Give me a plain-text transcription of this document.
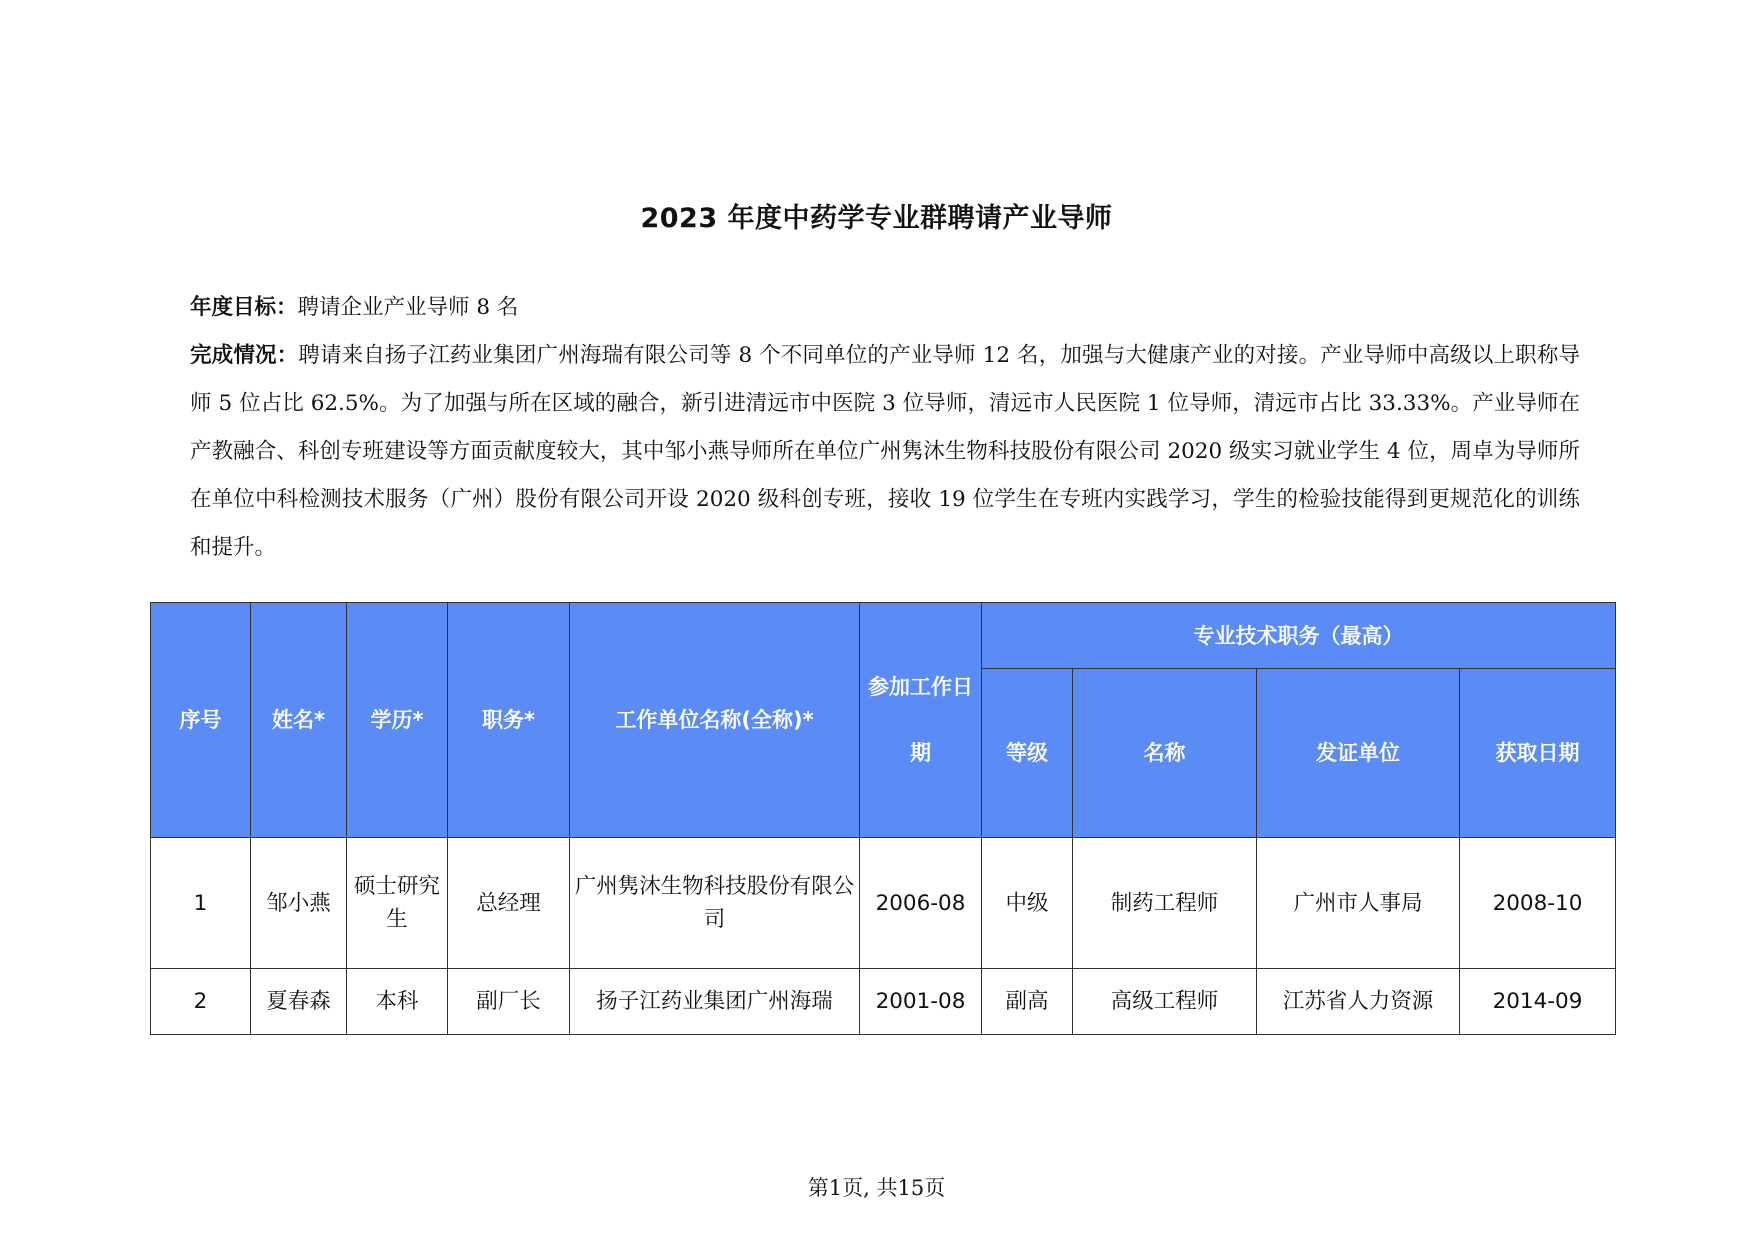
2023 年度中药学专业群聘请产业导师
年度目标：聘请企业产业导师 8 名
完成情况：聘请来自扬子江药业集团广州海瑞有限公司等 8 个不同单位的产业导师 12 名，加强与大健康产业的对接。产业导师中高级以上职称导师 5 位占比 62.5%。为了加强与所在区域的融合，新引进清远市中医院 3 位导师，清远市人民医院 1 位导师，清远市占比 33.33%。产业导师在产教融合、科创专班建设等方面贡献度较大，其中邹小燕导师所在单位广州隽沐生物科技股份有限公司 2020 级实习就业学生 4 位，周卓为导师所在单位中科检测技术服务（广州）股份有限公司开设 2020 级科创专班，接收 19 位学生在专班内实践学习，学生的检验技能得到更规范化的训练和提升。
序号	姓名*	学历*	职务*	工作单位名称(全称)*	参加工作日期	专业技术职务（最高）			
						等级	名称	发证单位	获取日期
1	邹小燕	硕士研究生	总经理	广州隽沐生物科技股份有限公司	2006-08	中级	制药工程师	广州市人事局	2008-10
2	夏春森	本科	副厂长	扬子江药业集团广州海瑞	2001-08	副高	高级工程师	江苏省人力资源	2014-09
第1页, 共15页
